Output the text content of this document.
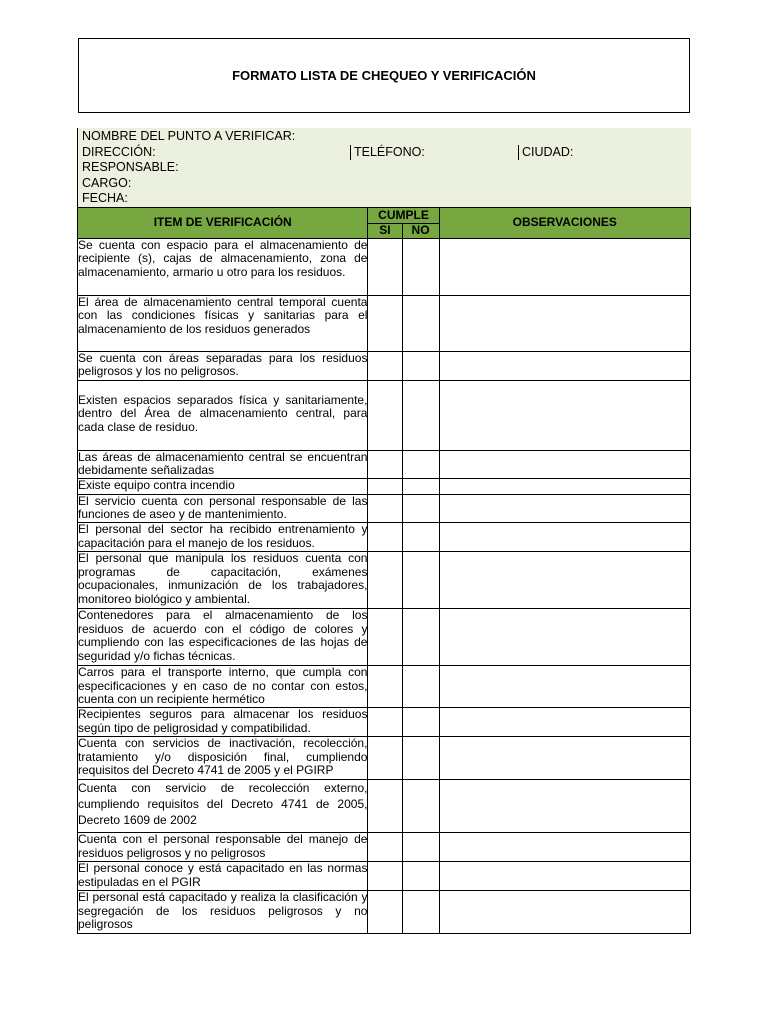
FORMATO LISTA DE CHEQUEO Y VERIFICACIÓN
NOMBRE DEL PUNTO A VERIFICAR:
DIRECCIÓN:	TELÉFONO:	CIUDAD:
RESPONSABLE:
CARGO:
FECHA:
ITEM DE VERIFICACIÓN	CUMPLE		OBSERVACIONES
	SI	NO	
Se cuenta con espacio para el almacenamiento de recipiente (s), cajas de almacenamiento, zona de almacenamiento, armario u otro para los residuos.			
El área de almacenamiento central temporal cuenta con las condiciones físicas y sanitarias para el almacenamiento de los residuos generados			
Se cuenta con áreas separadas para los residuos peligrosos y los no peligrosos.			
Existen espacios separados física y sanitariamente, dentro del Área de almacenamiento central, para cada clase de residuo.			
Las áreas de almacenamiento central se encuentran debidamente señalizadas			
Existe equipo contra incendio			
El servicio cuenta con personal responsable de las funciones de aseo y de mantenimiento.			
El personal del sector ha recibido entrenamiento y capacitación para el manejo de los residuos.			
El personal que manipula los residuos cuenta con programas de capacitación, exámenes ocupacionales, inmunización de los trabajadores, monitoreo biológico y ambiental.			
Contenedores para el almacenamiento de los residuos de acuerdo con el código de colores y cumpliendo con las especificaciones de las hojas de seguridad y/o fichas técnicas.			
Carros para el transporte interno, que cumpla con especificaciones y en caso de no contar con estos, cuenta con un recipiente hermético			
Recipientes seguros para almacenar los residuos según tipo de peligrosidad y compatibilidad.			
Cuenta con servicios de inactivación, recolección, tratamiento y/o disposición final, cumpliendo requisitos del Decreto 4741 de 2005 y el PGIRP			
Cuenta con servicio de recolección externo, cumpliendo requisitos del Decreto 4741 de 2005, Decreto 1609 de 2002			
Cuenta con el personal responsable del manejo de residuos peligrosos y no peligrosos			
El personal conoce y está capacitado en las normas estipuladas en el PGIR			
El personal está capacitado y realiza la clasificación y segregación de los residuos peligrosos y no peligrosos			
